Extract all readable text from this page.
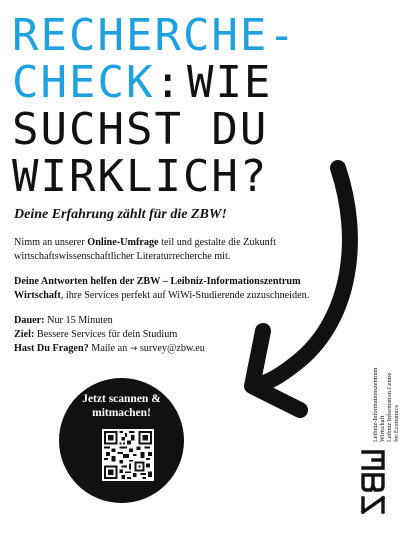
RECHERCHE-
CHECK:WIE
SUCHST DU
WIRKLICH?

Deine Erfahrung zählt für die ZBW!

Nimm an unserer Online-Umfrage teil und gestalte die Zukunft
wirtschaftswissenschaftlicher Literaturrecherche mit.

Deine Antworten helfen der ZBW – Leibniz-Informationszentrum
Wirtschaft, ihre Services perfekt auf WiWi-Studierende zuzuschneiden.

Dauer: Nur 15 Minuten
Ziel: Bessere Services für dein Studium
Hast Du Fragen? Maile an → survey@zbw.eu

Jetzt scannen &
mitmachen!	Leibniz-Informationszentrum Wirtschaft Leibniz Information Centre for Economics
